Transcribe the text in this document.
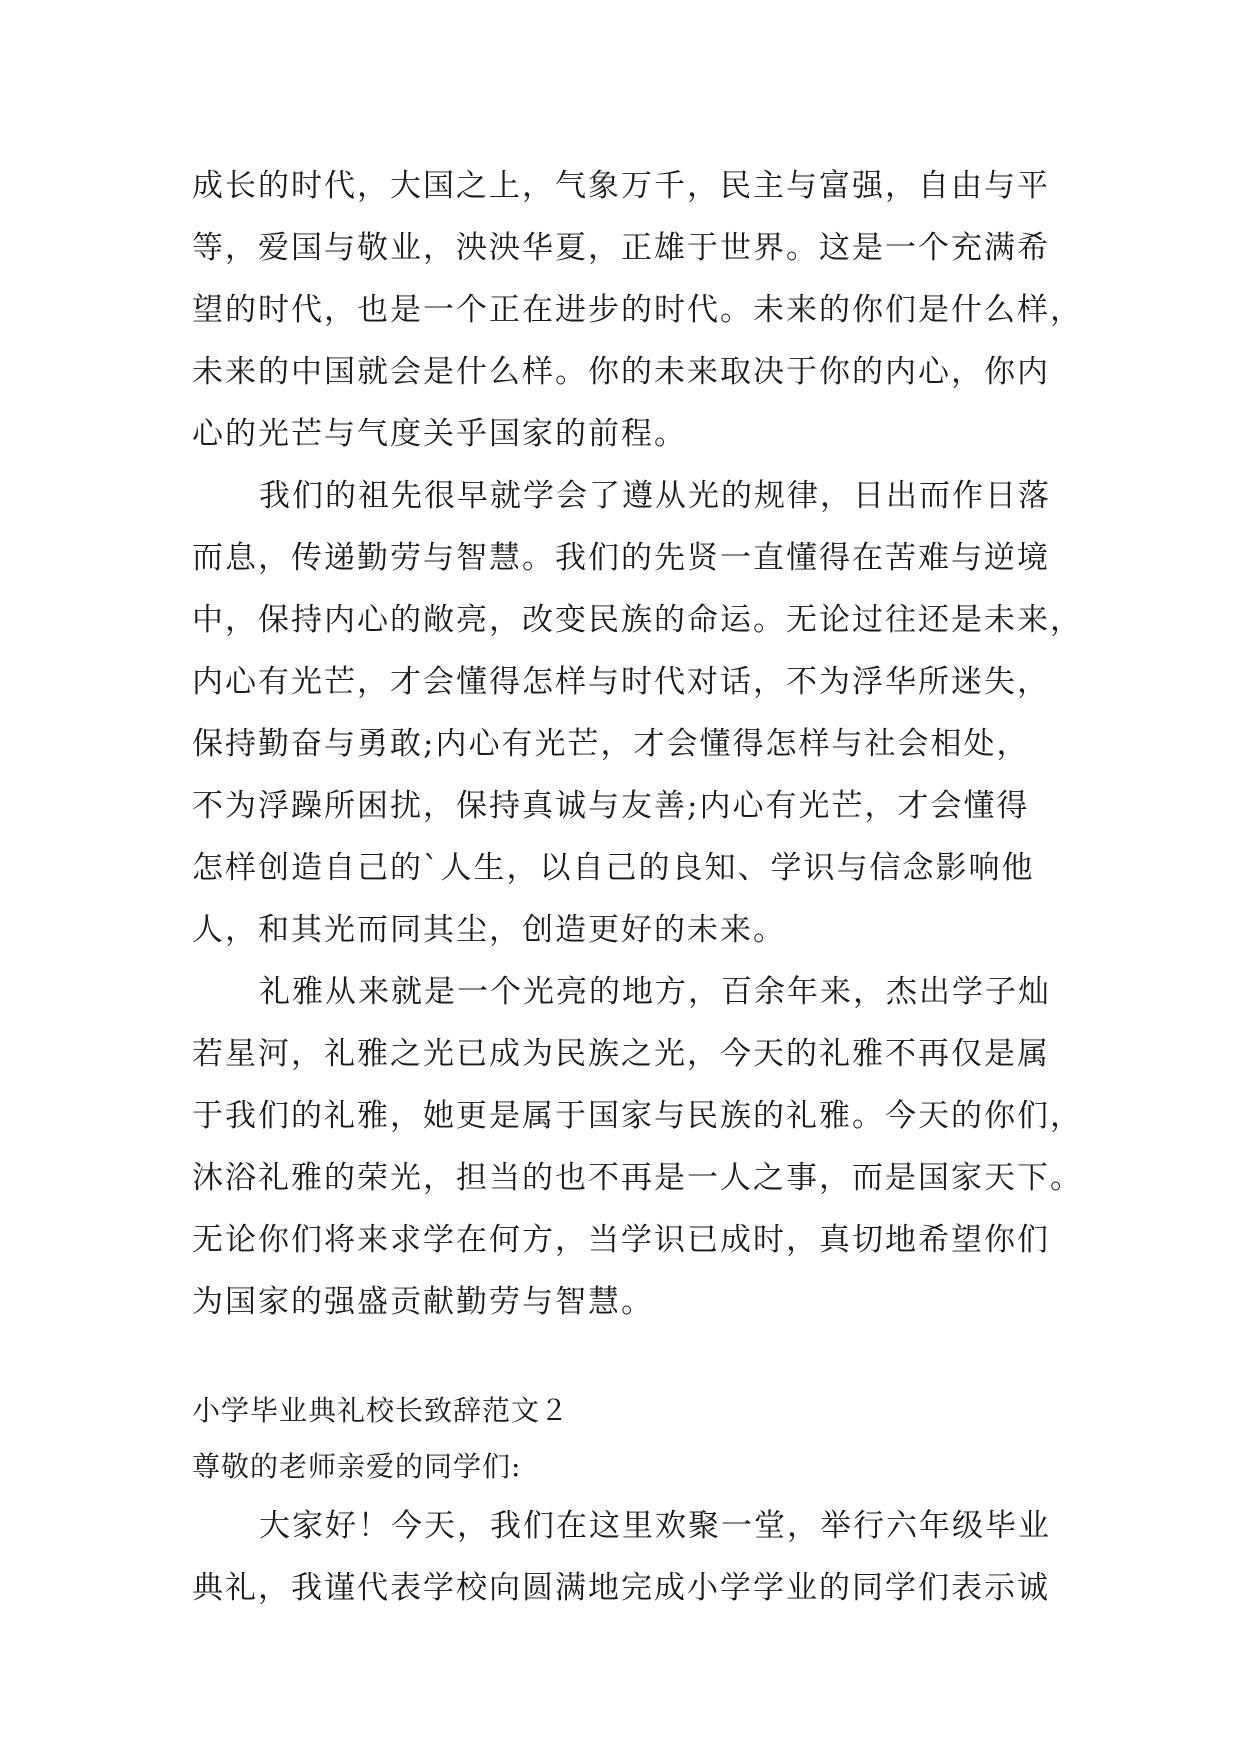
成长的时代，大国之上，气象万千，民主与富强，自由与平
等，爱国与敬业，泱泱华夏，正雄于世界。这是一个充满希
望的时代，也是一个正在进步的时代。未来的你们是什么样，
未来的中国就会是什么样。你的未来取决于你的内心，你内
心的光芒与气度关乎国家的前程。
我们的祖先很早就学会了遵从光的规律，日出而作日落
而息，传递勤劳与智慧。我们的先贤一直懂得在苦难与逆境
中，保持内心的敞亮，改变民族的命运。无论过往还是未来，
内心有光芒，才会懂得怎样与时代对话，不为浮华所迷失，
保持勤奋与勇敢;内心有光芒，才会懂得怎样与社会相处，
不为浮躁所困扰，保持真诚与友善;内心有光芒，才会懂得
怎样创造自己的`人生，以自己的良知、学识与信念影响他
人，和其光而同其尘，创造更好的未来。
礼雅从来就是一个光亮的地方，百余年来，杰出学子灿
若星河，礼雅之光已成为民族之光，今天的礼雅不再仅是属
于我们的礼雅，她更是属于国家与民族的礼雅。今天的你们，
沐浴礼雅的荣光，担当的也不再是一人之事，而是国家天下。
无论你们将来求学在何方，当学识已成时，真切地希望你们
为国家的强盛贡献勤劳与智慧。
小学毕业典礼校长致辞范文２
尊敬的老师亲爱的同学们:
大家好！今天，我们在这里欢聚一堂，举行六年级毕业
典礼，我谨代表学校向圆满地完成小学学业的同学们表示诚
